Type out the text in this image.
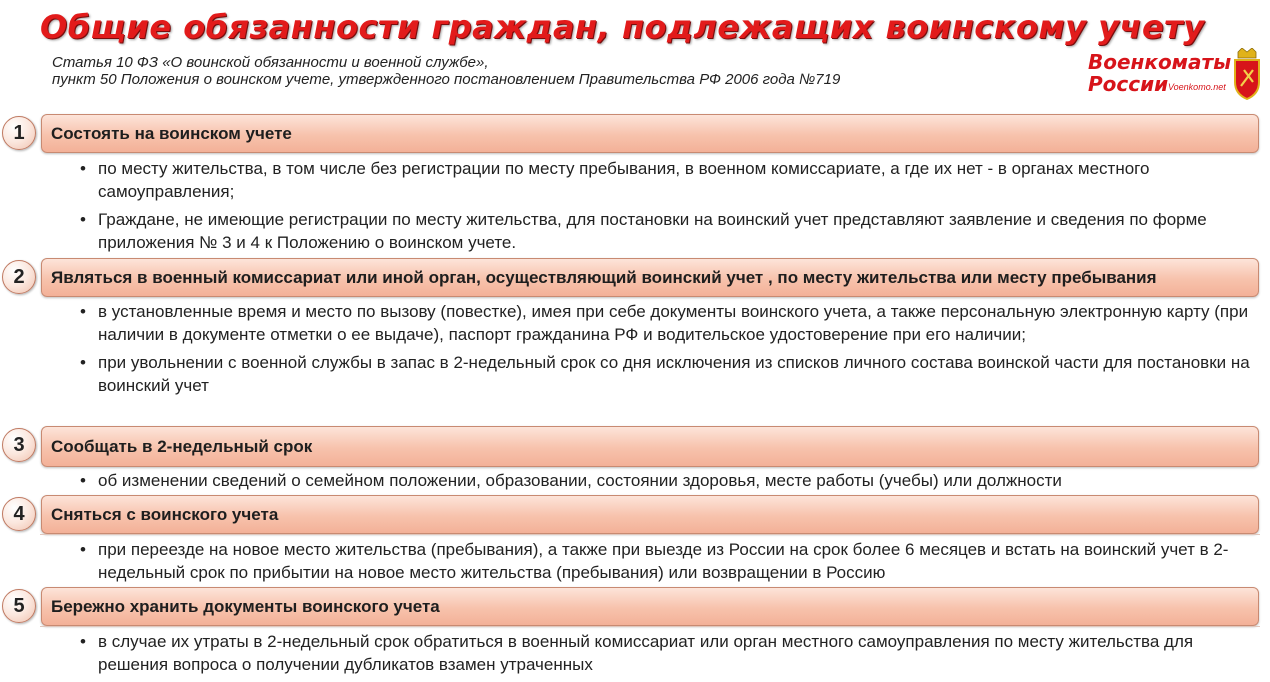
Общие обязанности граждан, подлежащих воинскому учету
Статья 10 ФЗ «О воинской обязанности и военной службе»,
пункт 50 Положения о воинском учете, утвержденного постановлением Правительства РФ 2006 года №719
Военкоматы
России Voenkomo.net
1	Состоять на воинском учете
• по месту жительства, в том числе без регистрации по месту пребывания, в военном комиссариате, а где их нет - в органах местного самоуправления;
• Граждане, не имеющие регистрации по месту жительства, для постановки на воинский учет представляют заявление и сведения по форме приложения № 3 и 4 к Положению о воинском учете.
2	Являться в военный комиссариат или иной орган, осуществляющий воинский учет , по месту жительства или месту пребывания
• в установленные время и место по вызову (повестке), имея при себе документы воинского учета, а также персональную электронную карту (при наличии в документе отметки о ее выдаче), паспорт гражданина РФ и водительское удостоверение при его наличии;
• при увольнении с военной службы в запас в 2-недельный срок со дня исключения из списков личного состава воинской части для постановки на воинский учет
3	Сообщать в 2-недельный срок
• об изменении сведений о семейном положении, образовании, состоянии здоровья, месте работы (учебы) или должности
4	Сняться с воинского учета
• при переезде на новое место жительства (пребывания), а также при выезде из России на срок более 6 месяцев и встать на воинский учет в 2-недельный срок по прибытии на новое место жительства (пребывания) или возвращении в Россию
5	Бережно хранить документы воинского учета
• в случае их утраты в 2-недельный срок обратиться в военный комиссариат или орган местного самоуправления по месту жительства для решения вопроса о получении дубликатов взамен утраченных
